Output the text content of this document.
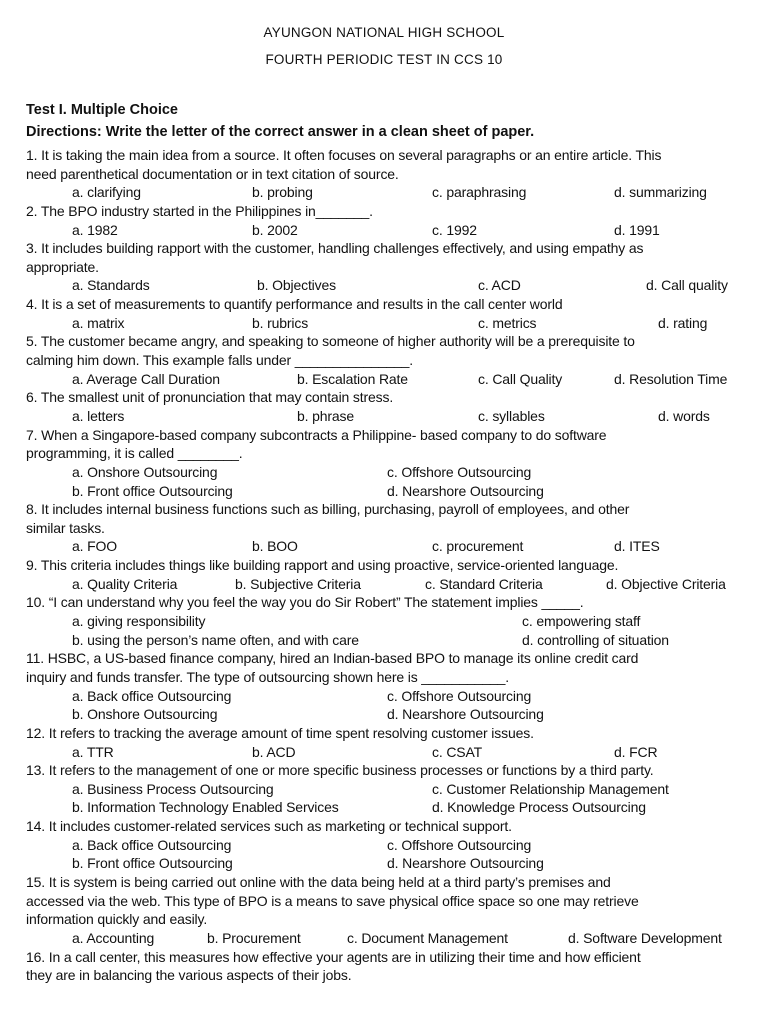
AYUNGON NATIONAL HIGH SCHOOL
FOURTH PERIODIC TEST IN CCS 10
Test I. Multiple Choice
Directions: Write the letter of the correct answer in a clean sheet of paper.
1. It is taking the main idea from a source. It often focuses on several paragraphs or an entire article. This
need parenthetical documentation or in text citation of source.
a. clarifying	b. probing	c. paraphrasing	d. summarizing
2. The BPO industry started in the Philippines in_______.
a. 1982	b. 2002	c. 1992	d. 1991
3. It includes building rapport with the customer, handling challenges effectively, and using empathy as
appropriate.
a. Standards	b. Objectives	c. ACD	d. Call quality
4. It is a set of measurements to quantify performance and results in the call center world
a. matrix	b. rubrics	c. metrics	d. rating
5. The customer became angry, and speaking to someone of higher authority will be a prerequisite to
calming him down. This example falls under _______________.
a. Average Call Duration	b. Escalation Rate	c. Call Quality	d. Resolution Time
6. The smallest unit of pronunciation that may contain stress.
a. letters	b. phrase	c. syllables	d. words
7. When a Singapore-based company subcontracts a Philippine- based company to do software
programming, it is called ________.
a. Onshore Outsourcing	c. Offshore Outsourcing
b. Front office Outsourcing	d. Nearshore Outsourcing
8. It includes internal business functions such as billing, purchasing, payroll of employees, and other
similar tasks.
a. FOO	b. BOO	c. procurement	d. ITES
9. This criteria includes things like building rapport and using proactive, service-oriented language.
a. Quality Criteria	b. Subjective Criteria	c. Standard Criteria	d. Objective Criteria
10. “I can understand why you feel the way you do Sir Robert” The statement implies _____.
a. giving responsibility	c. empowering staff
b. using the person’s name often, and with care	d. controlling of situation
11. HSBC, a US-based finance company, hired an Indian-based BPO to manage its online credit card
inquiry and funds transfer. The type of outsourcing shown here is ___________.
a. Back office Outsourcing	c. Offshore Outsourcing
b. Onshore Outsourcing	d. Nearshore Outsourcing
12. It refers to tracking the average amount of time spent resolving customer issues.
a. TTR	b. ACD	c. CSAT	d. FCR
13. It refers to the management of one or more specific business processes or functions by a third party.
a. Business Process Outsourcing	c. Customer Relationship Management
b. Information Technology Enabled Services	d. Knowledge Process Outsourcing
14. It includes customer-related services such as marketing or technical support.
a. Back office Outsourcing	c. Offshore Outsourcing
b. Front office Outsourcing	d. Nearshore Outsourcing
15. It is system is being carried out online with the data being held at a third party’s premises and
accessed via the web. This type of BPO is a means to save physical office space so one may retrieve
information quickly and easily.
a. Accounting	b. Procurement	c. Document Management	d. Software Development
16. In a call center, this measures how effective your agents are in utilizing their time and how efficient
they are in balancing the various aspects of their jobs.
